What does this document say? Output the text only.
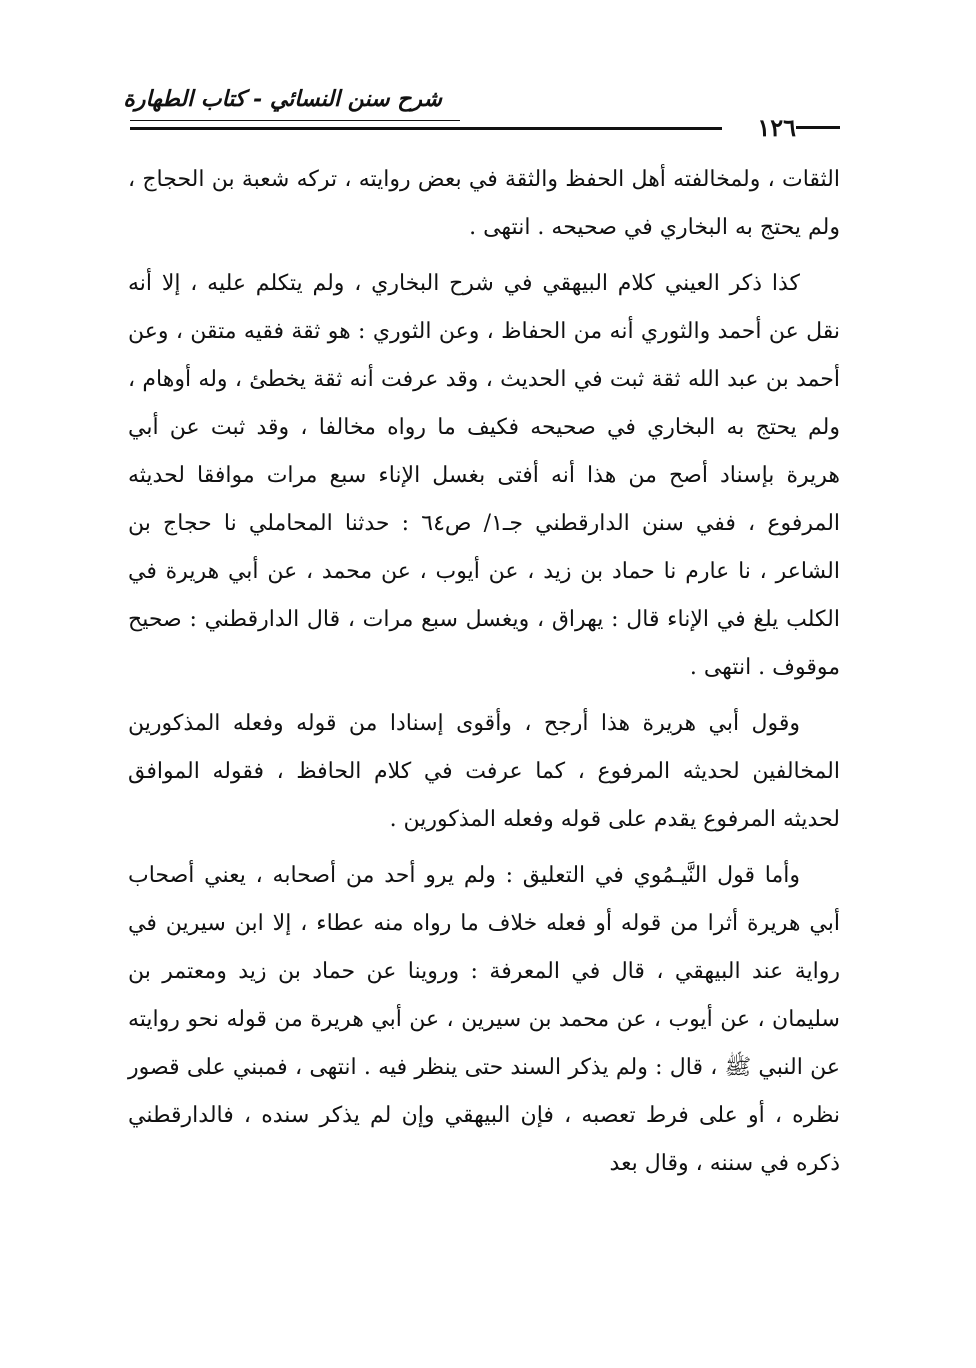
شرح سنن النسائي - كتاب الطهارة
١٢٦

الثقات ، ولمخالفته أهل الحفظ والثقة في بعض روايته ، تركه شعبة بن الحجاج ، ولم يحتج به البخاري في صحيحه . انتهى .

كذا ذكر العيني كلام البيهقي في شرح البخاري ، ولم يتكلم عليه ، إلا أنه نقل عن أحمد والثوري أنه من الحفاظ ، وعن الثوري : هو ثقة فقيه متقن ، وعن أحمد بن عبد الله ثقة ثبت في الحديث ، وقد عرفت أنه ثقة يخطئ ، وله أوهام ، ولم يحتج به البخاري في صحيحه فكيف ما رواه مخالفا ، وقد ثبت عن أبي هريرة بإسناد أصح من هذا أنه أفتى بغسل الإناء سبع مرات موافقا لحديثه المرفوع ، ففي سنن الدارقطني جـ١/ ص٦٤ : حدثنا المحاملي نا حجاج بن الشاعر ، نا عارم نا حماد بن زيد ، عن أيوب ، عن محمد ، عن أبي هريرة في الكلب يلغ في الإناء قال : يهراق ، ويغسل سبع مرات ، قال الدارقطني : صحيح موقوف . انتهى .

وقول أبي هريرة هذا أرجح ، وأقوى إسنادا من قوله وفعله المذكورين المخالفين لحديثه المرفوع ، كما عرفت في كلام الحافظ ، فقوله الموافق لحديثه المرفوع يقدم على قوله وفعله المذكورين .

وأما قول النَّيـمُوي في التعليق : ولم يرو أحد من أصحابه ، يعني أصحاب أبي هريرة أثرا من قوله أو فعله خلاف ما رواه منه عطاء ، إلا ابن سيرين في رواية عند البيهقي ، قال في المعرفة : وروينا عن حماد بن زيد ومعتمر بن سليمان ، عن أيوب ، عن محمد بن سيرين ، عن أبي هريرة من قوله نحو روايته عن النبي ﷺ ، قال : ولم يذكر السند حتى ينظر فيه . انتهى ، فمبني على قصور نظره ، أو على فرط تعصبه ، فإن البيهقي وإن لم يذكر سنده ، فالدارقطني ذكره في سننه ، وقال بعد
